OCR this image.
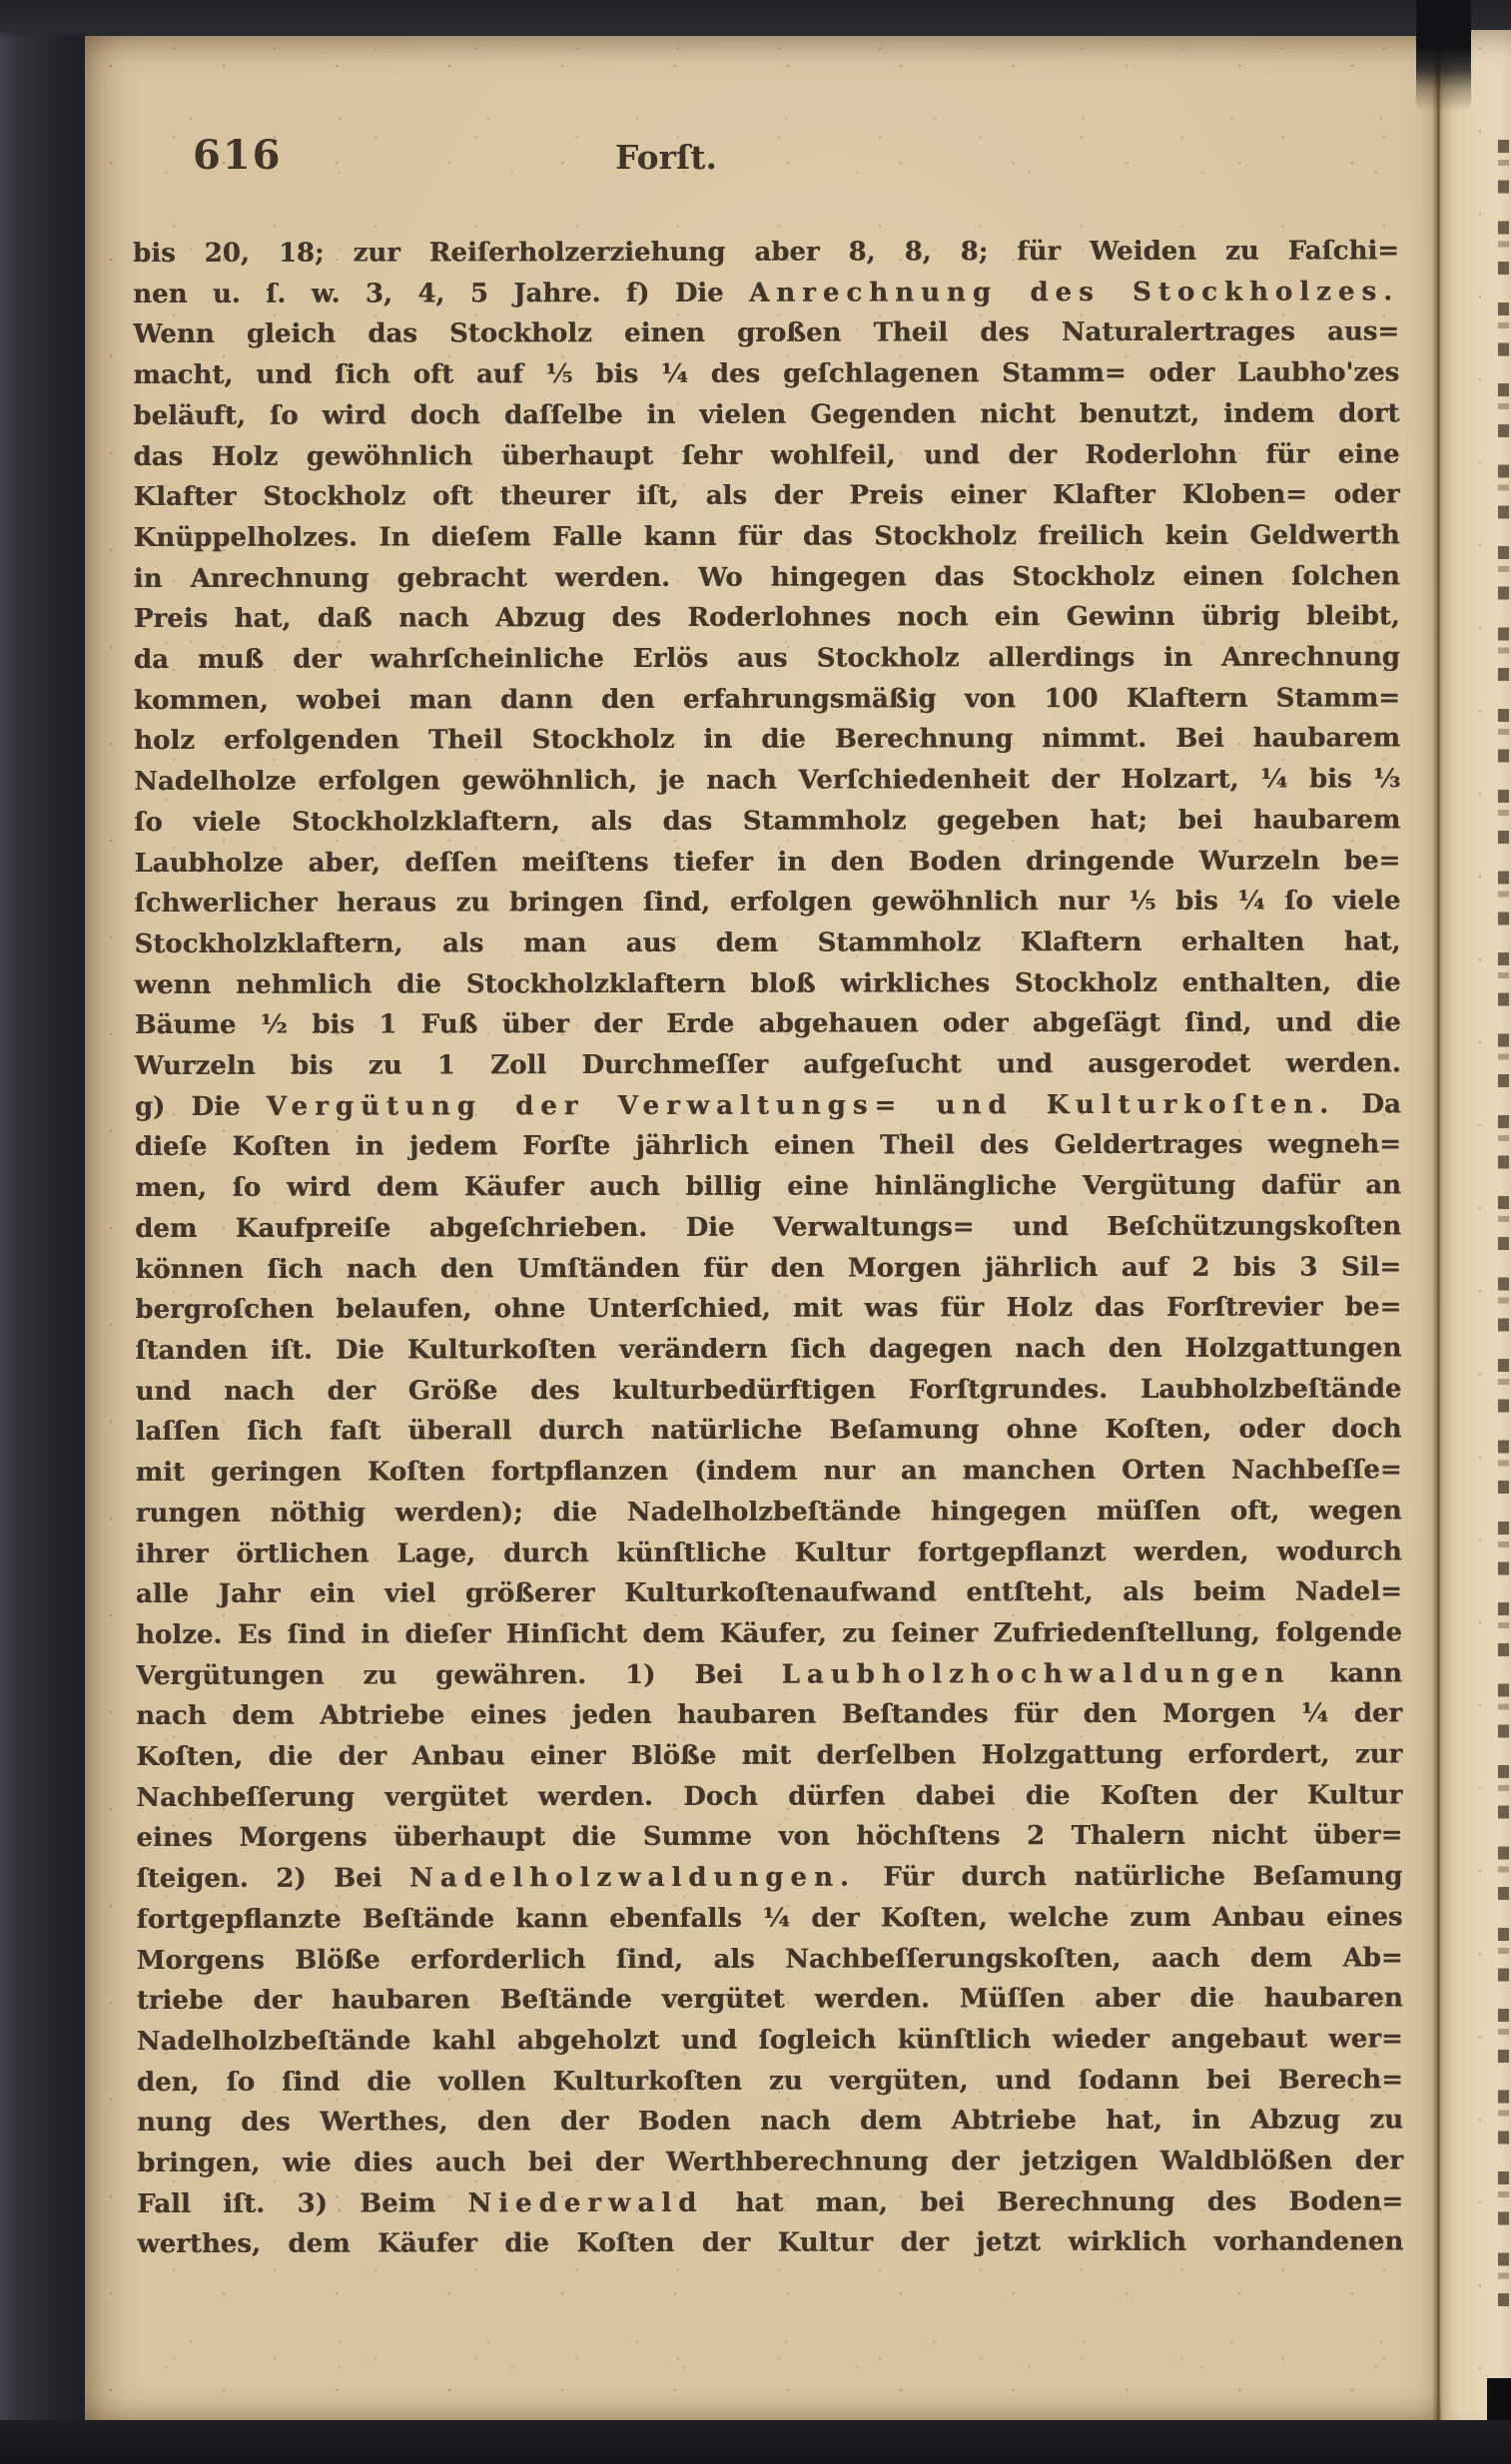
616	Forſt.
bis 20, 18; zur Reiſerholzerziehung aber 8, 8, 8; für Weiden zu Faſchi=
nen u. ſ. w. 3, 4, 5 Jahre. f) Die Anrechnung des Stockholzes.
Wenn gleich das Stockholz einen großen Theil des Naturalertrages aus=
macht, und ſich oft auf ⅕ bis ¼ des geſchlagenen Stamm= oder Laubho'zes
beläuft, ſo wird doch daſſelbe in vielen Gegenden nicht benutzt, indem dort
das Holz gewöhnlich überhaupt ſehr wohlfeil, und der Roderlohn für eine
Klafter Stockholz oft theurer iſt, als der Preis einer Klafter Kloben= oder
Knüppelholzes. In dieſem Falle kann für das Stockholz freilich kein Geldwerth
in Anrechnung gebracht werden. Wo hingegen das Stockholz einen ſolchen
Preis hat, daß nach Abzug des Roderlohnes noch ein Gewinn übrig bleibt,
da muß der wahrſcheinliche Erlös aus Stockholz allerdings in Anrechnung
kommen, wobei man dann den erfahrungsmäßig von 100 Klaftern Stamm=
holz erfolgenden Theil Stockholz in die Berechnung nimmt. Bei haubarem
Nadelholze erfolgen gewöhnlich, je nach Verſchiedenheit der Holzart, ¼ bis ⅓
ſo viele Stockholzklaftern, als das Stammholz gegeben hat; bei haubarem
Laubholze aber, deſſen meiſtens tiefer in den Boden dringende Wurzeln be=
ſchwerlicher heraus zu bringen ſind, erfolgen gewöhnlich nur ⅕ bis ¼ ſo viele
Stockholzklaftern, als man aus dem Stammholz Klaftern erhalten hat,
wenn nehmlich die Stockholzklaftern bloß wirkliches Stockholz enthalten, die
Bäume ½ bis 1 Fuß über der Erde abgehauen oder abgeſägt ſind, und die
Wurzeln bis zu 1 Zoll Durchmeſſer aufgeſucht und ausgerodet werden.
g) Die Vergütung der Verwaltungs= und Kulturkoſten. Da
dieſe Koſten in jedem Forſte jährlich einen Theil des Geldertrages wegneh=
men, ſo wird dem Käufer auch billig eine hinlängliche Vergütung dafür an
dem Kaufpreiſe abgeſchrieben. Die Verwaltungs= und Beſchützungskoſten
können ſich nach den Umſtänden für den Morgen jährlich auf 2 bis 3 Sil=
bergroſchen belaufen, ohne Unterſchied, mit was für Holz das Forſtrevier be=
ſtanden iſt. Die Kulturkoſten verändern ſich dagegen nach den Holzgattungen
und nach der Größe des kulturbedürftigen Forſtgrundes. Laubholzbeſtände
laſſen ſich faſt überall durch natürliche Beſamung ohne Koſten, oder doch
mit geringen Koſten fortpflanzen (indem nur an manchen Orten Nachbeſſe=
rungen nöthig werden); die Nadelholzbeſtände hingegen müſſen oft, wegen
ihrer örtlichen Lage, durch künſtliche Kultur fortgepflanzt werden, wodurch
alle Jahr ein viel größerer Kulturkoſtenaufwand entſteht, als beim Nadel=
holze. Es ſind in dieſer Hinſicht dem Käufer, zu ſeiner Zufriedenſtellung, folgende
Vergütungen zu gewähren. 1) Bei Laubholzhochwaldungen kann
nach dem Abtriebe eines jeden haubaren Beſtandes für den Morgen ¼ der
Koſten, die der Anbau einer Blöße mit derſelben Holzgattung erfordert, zur
Nachbeſſerung vergütet werden. Doch dürfen dabei die Koſten der Kultur
eines Morgens überhaupt die Summe von höchſtens 2 Thalern nicht über=
ſteigen. 2) Bei Nadelholzwaldungen. Für durch natürliche Beſamung
fortgepflanzte Beſtände kann ebenfalls ¼ der Koſten, welche zum Anbau eines
Morgens Blöße erforderlich ſind, als Nachbeſſerungskoſten, aach dem Ab=
triebe der haubaren Beſtände vergütet werden. Müſſen aber die haubaren
Nadelholzbeſtände kahl abgeholzt und ſogleich künſtlich wieder angebaut wer=
den, ſo ſind die vollen Kulturkoſten zu vergüten, und ſodann bei Berech=
nung des Werthes, den der Boden nach dem Abtriebe hat, in Abzug zu
bringen, wie dies auch bei der Werthberechnung der jetzigen Waldblößen der
Fall iſt. 3) Beim Niederwald hat man, bei Berechnung des Boden=
werthes, dem Käufer die Koſten der Kultur der jetzt wirklich vorhandenen
